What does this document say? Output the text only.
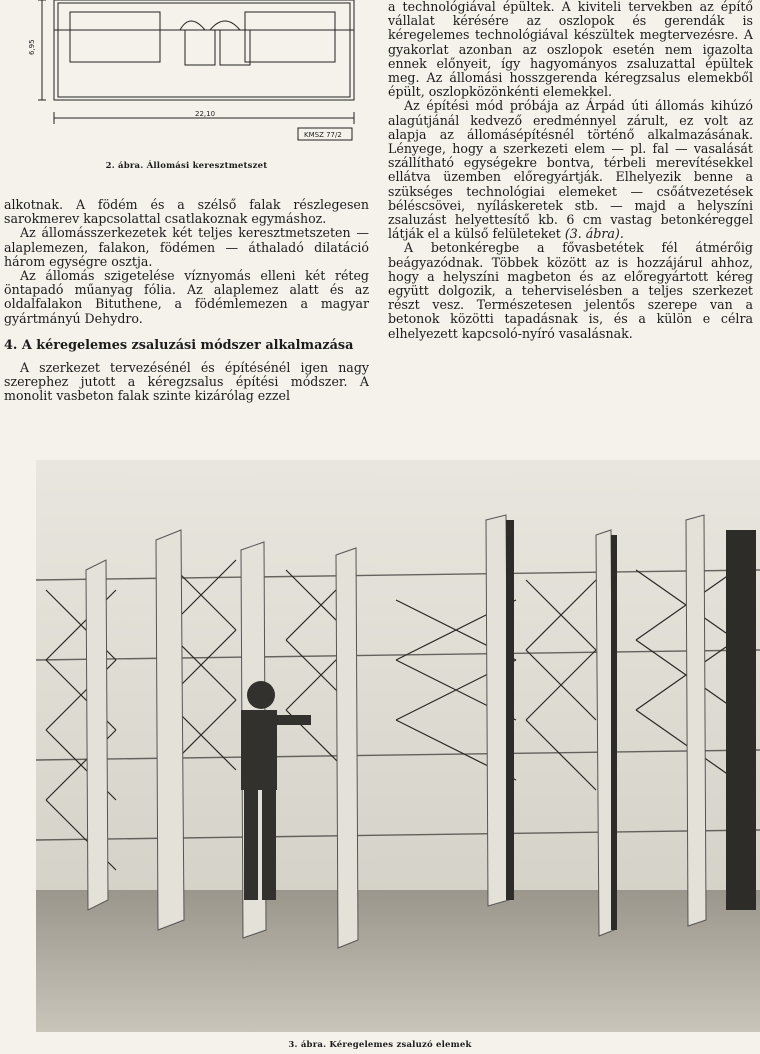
6,95
22,10
KMSZ 77/2
2. ábra. Állomási keresztmetszet

alkotnak. A födém és a szélső falak részlegesen sarokmerev kapcsolattal csatlakoznak egymáshoz.

Az állomásszerkezetek két teljes keresztmetszeten — alaplemezen, falakon, födémen — áthaladó dilatáció három egységre osztja.

Az állomás szigetelése víznyomás elleni két réteg öntapadó műanyag fólia. Az alaplemez alatt és az oldalfalakon Bituthene, a födémlemezen a magyar gyártmányú Dehydro.

4. A kéregelemes zsaluzási módszer alkalmazása

A szerkezet tervezésénél és építésénél igen nagy szerephez jutott a kéregzsalus építési módszer. A monolit vasbeton falak szinte kizárólag ezzel

a technológiával épültek. A kiviteli tervekben az építő vállalat kérésére az oszlopok és gerendák is kéregelemes technológiával készültek megtervezésre. A gyakorlat azonban az oszlopok esetén nem igazolta ennek előnyeit, így hagyományos zsaluzattal épültek meg. Az állomási hosszgerenda kéregzsalus elemekből épült, oszlopközönkénti elemekkel.

Az építési mód próbája az Árpád úti állomás kihúzó alagútjánál kedvező eredménnyel zárult, ez volt az alapja az állomásépítésnél történő alkalmazásának. Lényege, hogy a szerkezeti elem — pl. fal — vasalását szállítható egységekre bontva, térbeli merevítésekkel ellátva üzemben előregyártják. Elhelyezik benne a szükséges technológiai elemeket — csőátvezetések béléscsövei, nyíláskeretek stb. — majd a helyszíni zsaluzást helyettesítő kb. 6 cm vastag betonkéreggel látják el a külső felületeket (3. ábra).

A betonkéregbe a fővasbetétek fél átmérőig beágyazódnak. Többek között az is hozzájárul ahhoz, hogy a helyszíni magbeton és az előregyártott kéreg együtt dolgozik, a teherviselésben a teljes szerkezet részt vesz. Természetesen jelentős szerepe van a betonok közötti tapadásnak is, és a külön e célra elhelyezett kapcsoló-nyíró vasalásnak.

3. ábra. Kéregelemes zsaluzó elemek
